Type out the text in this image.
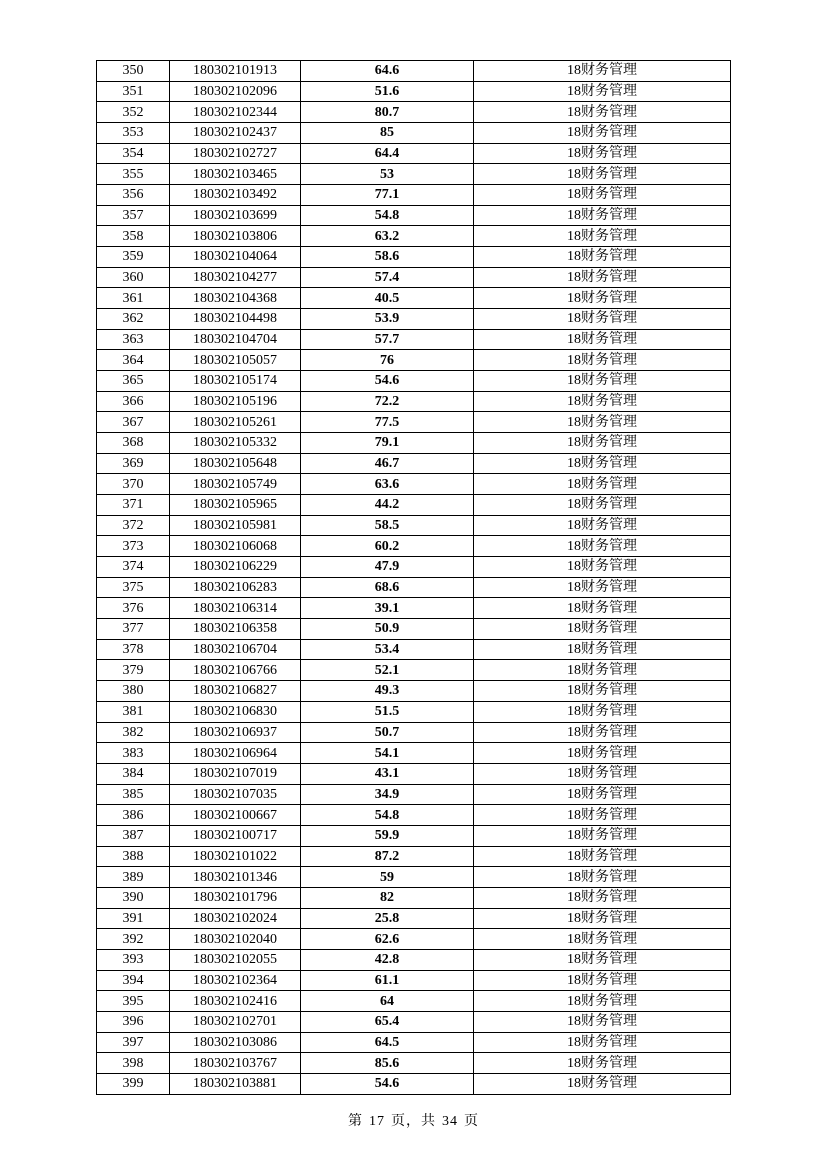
350	180302101913	64.6	18财务管理
351	180302102096	51.6	18财务管理
352	180302102344	80.7	18财务管理
353	180302102437	85	18财务管理
354	180302102727	64.4	18财务管理
355	180302103465	53	18财务管理
356	180302103492	77.1	18财务管理
357	180302103699	54.8	18财务管理
358	180302103806	63.2	18财务管理
359	180302104064	58.6	18财务管理
360	180302104277	57.4	18财务管理
361	180302104368	40.5	18财务管理
362	180302104498	53.9	18财务管理
363	180302104704	57.7	18财务管理
364	180302105057	76	18财务管理
365	180302105174	54.6	18财务管理
366	180302105196	72.2	18财务管理
367	180302105261	77.5	18财务管理
368	180302105332	79.1	18财务管理
369	180302105648	46.7	18财务管理
370	180302105749	63.6	18财务管理
371	180302105965	44.2	18财务管理
372	180302105981	58.5	18财务管理
373	180302106068	60.2	18财务管理
374	180302106229	47.9	18财务管理
375	180302106283	68.6	18财务管理
376	180302106314	39.1	18财务管理
377	180302106358	50.9	18财务管理
378	180302106704	53.4	18财务管理
379	180302106766	52.1	18财务管理
380	180302106827	49.3	18财务管理
381	180302106830	51.5	18财务管理
382	180302106937	50.7	18财务管理
383	180302106964	54.1	18财务管理
384	180302107019	43.1	18财务管理
385	180302107035	34.9	18财务管理
386	180302100667	54.8	18财务管理
387	180302100717	59.9	18财务管理
388	180302101022	87.2	18财务管理
389	180302101346	59	18财务管理
390	180302101796	82	18财务管理
391	180302102024	25.8	18财务管理
392	180302102040	62.6	18财务管理
393	180302102055	42.8	18财务管理
394	180302102364	61.1	18财务管理
395	180302102416	64	18财务管理
396	180302102701	65.4	18财务管理
397	180302103086	64.5	18财务管理
398	180302103767	85.6	18财务管理
399	180302103881	54.6	18财务管理
第 17 页，共 34 页
